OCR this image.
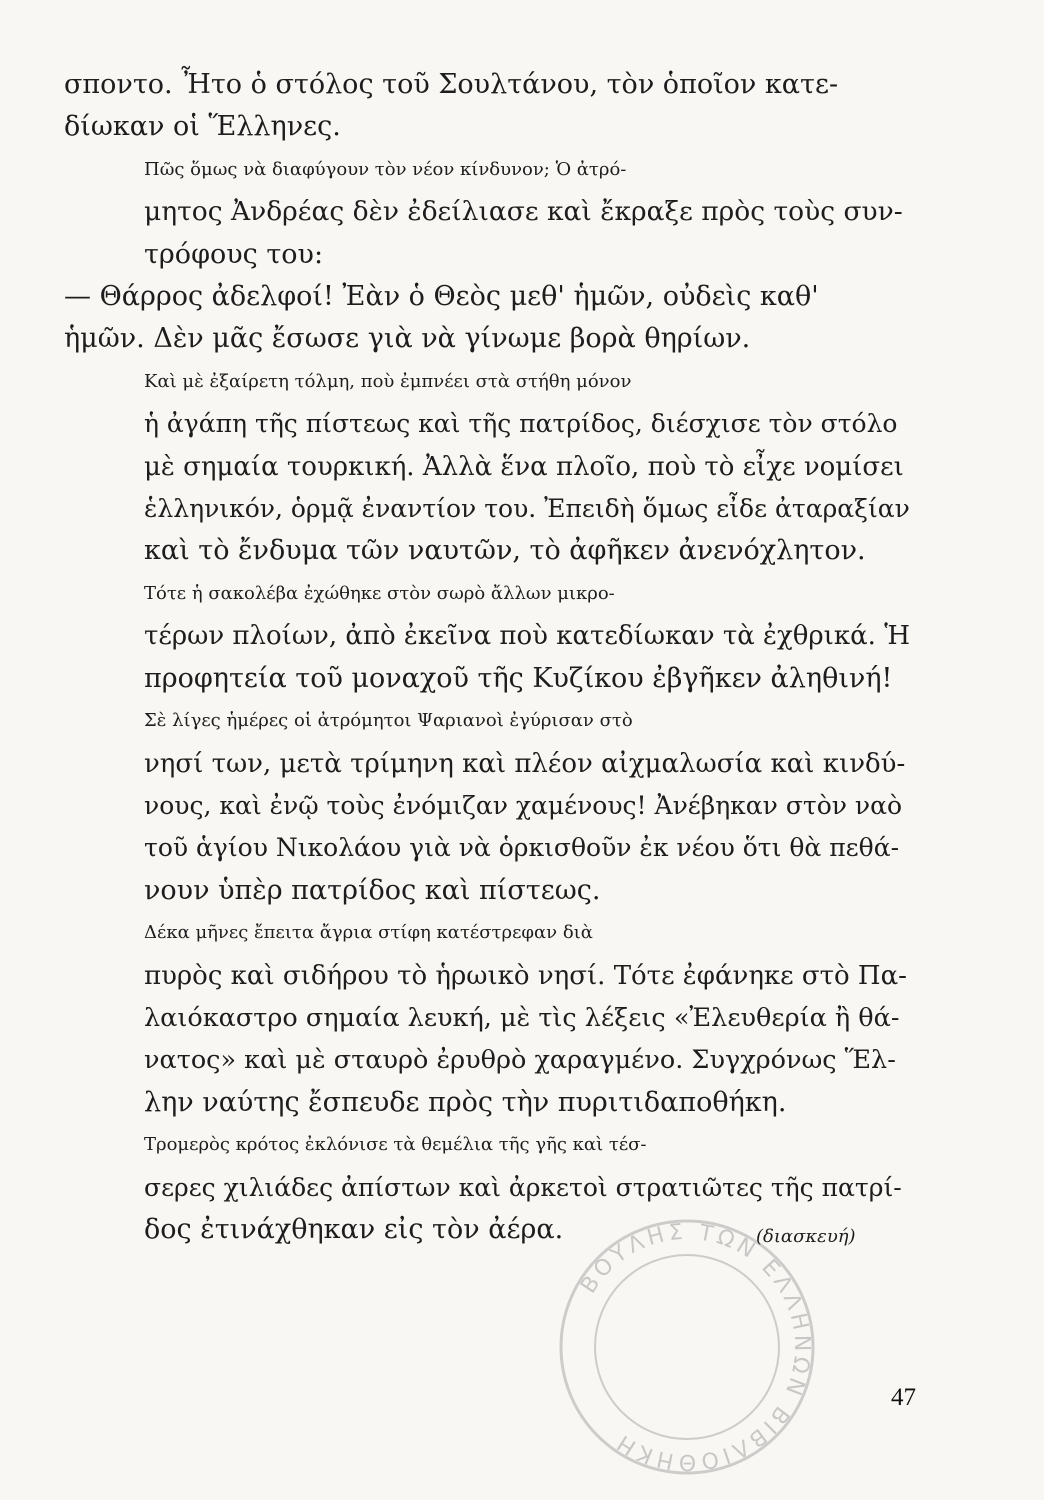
ΒΟΥΛΗΣ ΤΩΝ ΕΛΛΗΝΩΝ ΒΙΒΛΙΟΘΗΚΗ
σποντο. Ἦτο ὁ στόλος τοῦ Σουλτάνου, τὸν ὁποῖον κατε-
δίωκαν οἱ Ἕλληνες.
Πῶς ὅμως νὰ διαφύγουν τὸν νέον κίνδυνον; Ὁ ἀτρό-
μητος Ἀνδρέας δὲν ἐδείλιασε καὶ ἔκραξε πρὸς τοὺς συν-
τρόφους του:
— Θάρρος ἀδελφοί! Ἐὰν ὁ Θεὸς μεθ' ἡμῶν, οὐδεὶς καθ'
ἡμῶν. Δὲν μᾶς ἔσωσε γιὰ νὰ γίνωμε βορὰ θηρίων.
Καὶ μὲ ἐξαίρετη τόλμη, ποὺ ἐμπνέει στὰ στήθη μόνον
ἡ ἀγάπη τῆς πίστεως καὶ τῆς πατρίδος, διέσχισε τὸν στόλο
μὲ σημαία τουρκική. Ἀλλὰ ἕνα πλοῖο, ποὺ τὸ εἶχε νομίσει
ἑλληνικόν, ὁρμᾷ ἐναντίον του. Ἐπειδὴ ὅμως εἶδε ἀταραξίαν
καὶ τὸ ἔνδυμα τῶν ναυτῶν, τὸ ἀφῆκεν ἀνενόχλητον.
Τότε ἡ σακολέβα ἐχώθηκε στὸν σωρὸ ἄλλων μικρο-
τέρων πλοίων, ἀπὸ ἐκεῖνα ποὺ κατεδίωκαν τὰ ἐχθρικά. Ἡ
προφητεία τοῦ μοναχοῦ τῆς Κυζίκου ἐβγῆκεν ἀληθινή!
Σὲ λίγες ἡμέρες οἱ ἀτρόμητοι Ψαριανοὶ ἐγύρισαν στὸ
νησί των, μετὰ τρίμηνη καὶ πλέον αἰχμαλωσία καὶ κινδύ-
νους, καὶ ἐνῷ τοὺς ἐνόμιζαν χαμένους! Ἀνέβηκαν στὸν ναὸ
τοῦ ἁγίου Νικολάου γιὰ νὰ ὁρκισθοῦν ἐκ νέου ὅτι θὰ πεθά-
νουν ὑπὲρ πατρίδος καὶ πίστεως.
Δέκα μῆνες ἔπειτα ἄγρια στίφη κατέστρεφαν διὰ
πυρὸς καὶ σιδήρου τὸ ἡρωικὸ νησί. Τότε ἐφάνηκε στὸ Πα-
λαιόκαστρο σημαία λευκή, μὲ τὶς λέξεις «Ἐλευθερία ἢ θά-
νατος» καὶ μὲ σταυρὸ ἐρυθρὸ χαραγμένο. Συγχρόνως Ἕλ-
λην ναύτης ἔσπευδε πρὸς τὴν πυριτιδαποθήκη.
Τρομερὸς κρότος ἐκλόνισε τὰ θεμέλια τῆς γῆς καὶ τέσ-
σερες χιλιάδες ἀπίστων καὶ ἀρκετοὶ στρατιῶτες τῆς πατρί-
δος ἐτινάχθηκαν εἰς τὸν ἀέρα.	(διασκευή)
47
